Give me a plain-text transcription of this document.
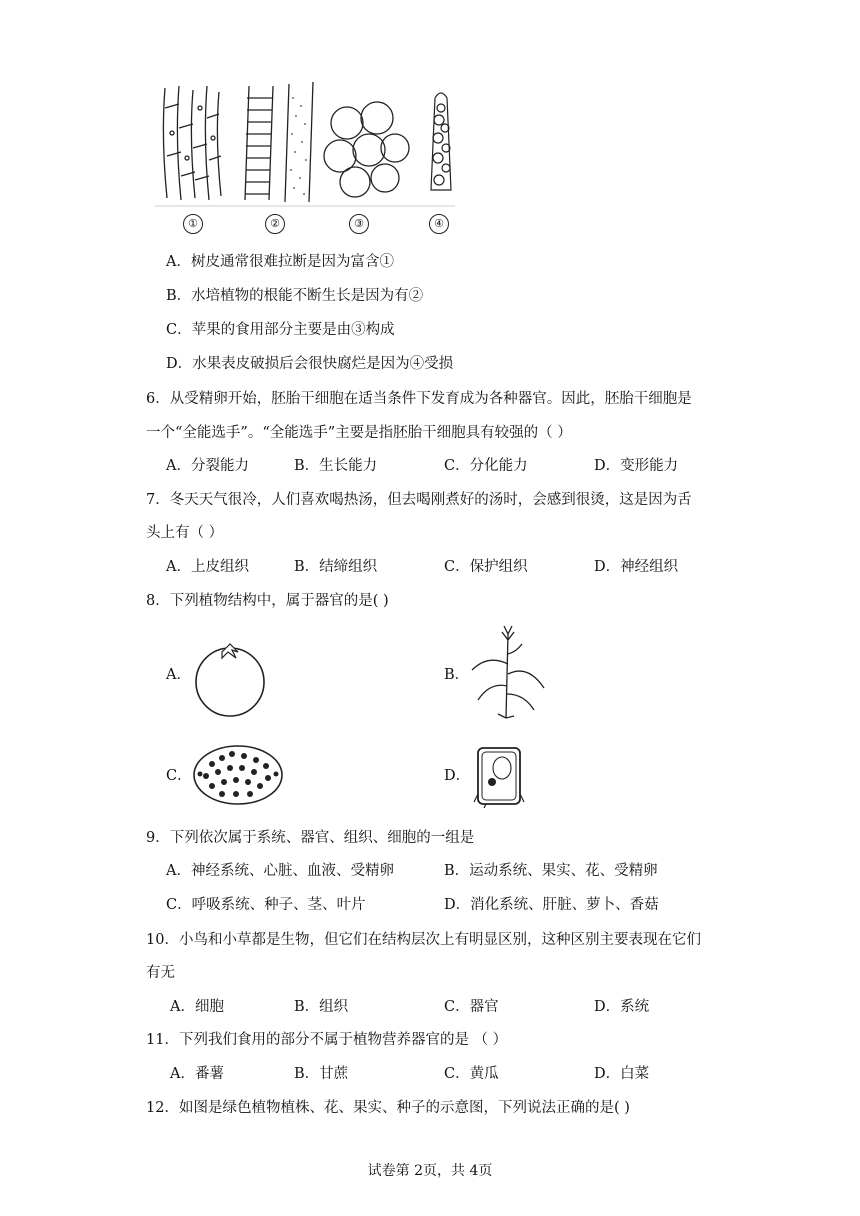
①	②	③	④
A．树皮通常很难拉断是因为富含①
B．水培植物的根能不断生长是因为有②
C．苹果的食用部分主要是由③构成
D．水果表皮破损后会很快腐烂是因为④受损
6．从受精卵开始，胚胎干细胞在适当条件下发育成为各种器官。因此，胚胎干细胞是
一个“全能选手”。“全能选手”主要是指胚胎干细胞具有较强的（ ）
A．分裂能力	B．生长能力	C．分化能力	D．变形能力
7．冬天天气很冷，人们喜欢喝热汤，但去喝刚煮好的汤时，会感到很烫，这是因为舌
头上有（ ）
A．上皮组织	B．结缔组织	C．保护组织	D．神经组织
8．下列植物结构中，属于器官的是( )
A．	B．
C．	D．
9．下列依次属于系统、器官、组织、细胞的一组是
A．神经系统、心脏、血液、受精卵	B．运动系统、果实、花、受精卵
C．呼吸系统、种子、茎、叶片	D．消化系统、肝脏、萝卜、香菇
10．小鸟和小草都是生物，但它们在结构层次上有明显区别，这种区别主要表现在它们
有无
A．细胞	B．组织	C．器官	D．系统
11．下列我们食用的部分不属于植物营养器官的是 （ ）
A．番薯	B．甘蔗	C．黄瓜	D．白菜
12．如图是绿色植物植株、花、果实、种子的示意图，下列说法正确的是( )
试卷第 2页，共 4页
